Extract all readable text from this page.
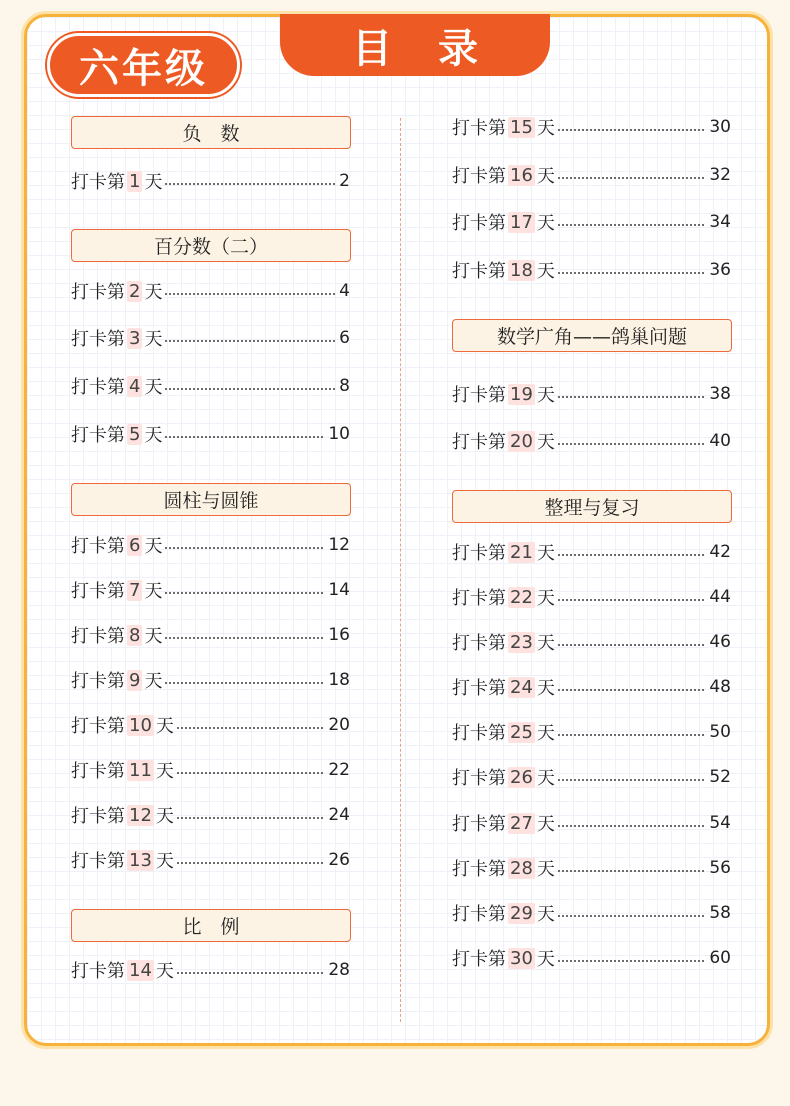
六年级	目录
负　数
百分数（二）
圆柱与圆锥
比　例
数学广角——鸽巢问题
整理与复习
打卡第 1 天	2
打卡第 2 天	4
打卡第 3 天	6
打卡第 4 天	8
打卡第 5 天	10
打卡第 6 天	12
打卡第 7 天	14
打卡第 8 天	16
打卡第 9 天	18
打卡第 10 天	20
打卡第 11 天	22
打卡第 12 天	24
打卡第 13 天	26
打卡第 14 天	28
打卡第 15 天	30
打卡第 16 天	32
打卡第 17 天	34
打卡第 18 天	36
打卡第 19 天	38
打卡第 20 天	40
打卡第 21 天	42
打卡第 22 天	44
打卡第 23 天	46
打卡第 24 天	48
打卡第 25 天	50
打卡第 26 天	52
打卡第 27 天	54
打卡第 28 天	56
打卡第 29 天	58
打卡第 30 天	60
